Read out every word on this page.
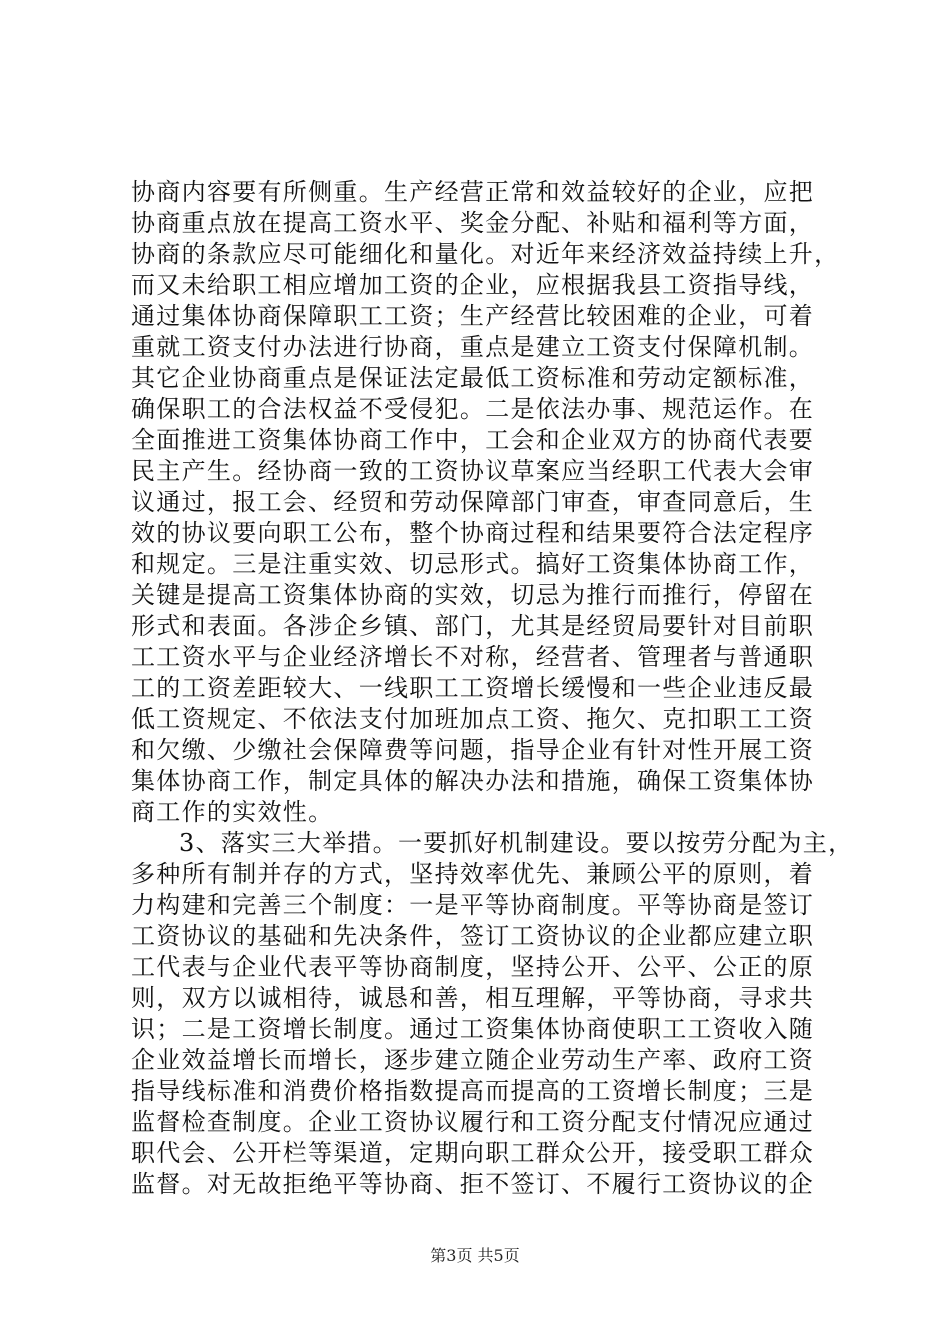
协商内容要有所侧重。生产经营正常和效益较好的企业，应把
协商重点放在提高工资水平、奖金分配、补贴和福利等方面，
协商的条款应尽可能细化和量化。对近年来经济效益持续上升，
而又未给职工相应增加工资的企业，应根据我县工资指导线，
通过集体协商保障职工工资；生产经营比较困难的企业，可着
重就工资支付办法进行协商，重点是建立工资支付保障机制。
其它企业协商重点是保证法定最低工资标准和劳动定额标准，
确保职工的合法权益不受侵犯。二是依法办事、规范运作。在
全面推进工资集体协商工作中，工会和企业双方的协商代表要
民主产生。经协商一致的工资协议草案应当经职工代表大会审
议通过，报工会、经贸和劳动保障部门审查，审查同意后，生
效的协议要向职工公布，整个协商过程和结果要符合法定程序
和规定。三是注重实效、切忌形式。搞好工资集体协商工作，
关键是提高工资集体协商的实效，切忌为推行而推行，停留在
形式和表面。各涉企乡镇、部门，尤其是经贸局要针对目前职
工工资水平与企业经济增长不对称，经营者、管理者与普通职
工的工资差距较大、一线职工工资增长缓慢和一些企业违反最
低工资规定、不依法支付加班加点工资、拖欠、克扣职工工资
和欠缴、少缴社会保障费等问题，指导企业有针对性开展工资
集体协商工作，制定具体的解决办法和措施，确保工资集体协
商工作的实效性。
3、落实三大举措。一要抓好机制建设。要以按劳分配为主，
多种所有制并存的方式，坚持效率优先、兼顾公平的原则，着
力构建和完善三个制度：一是平等协商制度。平等协商是签订
工资协议的基础和先决条件，签订工资协议的企业都应建立职
工代表与企业代表平等协商制度，坚持公开、公平、公正的原
则，双方以诚相待，诚恳和善，相互理解，平等协商，寻求共
识；二是工资增长制度。通过工资集体协商使职工工资收入随
企业效益增长而增长，逐步建立随企业劳动生产率、政府工资
指导线标准和消费价格指数提高而提高的工资增长制度；三是
监督检查制度。企业工资协议履行和工资分配支付情况应通过
职代会、公开栏等渠道，定期向职工群众公开，接受职工群众
监督。对无故拒绝平等协商、拒不签订、不履行工资协议的企
第3页 共5页
